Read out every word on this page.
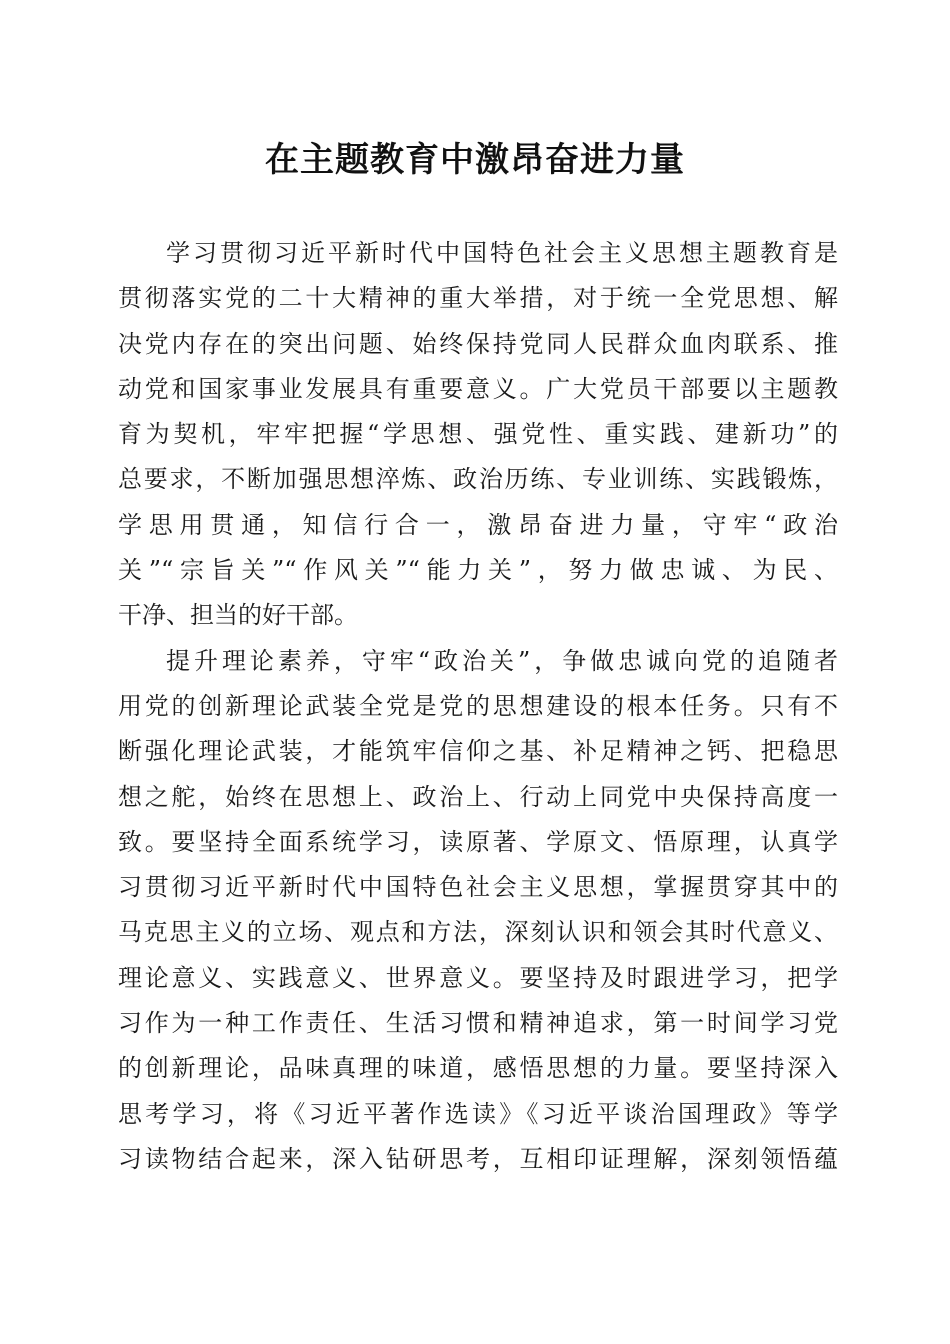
在主题教育中激昂奋进力量
学习贯彻习近平新时代中国特色社会主义思想主题教育是
贯彻落实党的二十大精神的重大举措，对于统一全党思想、解
决党内存在的突出问题、始终保持党同人民群众血肉联系、推
动党和国家事业发展具有重要意义。广大党员干部要以主题教
育为契机，牢牢把握“学思想、强党性、重实践、建新功”的
总要求，不断加强思想淬炼、政治历练、专业训练、实践锻炼，
学思用贯通，知信行合一，激昂奋进力量，守牢“政治
关”“宗旨关”“作风关”“能力关”，努力做忠诚、为民、
干净、担当的好干部。
提升理论素养，守牢“政治关”，争做忠诚向党的追随者
用党的创新理论武装全党是党的思想建设的根本任务。只有不
断强化理论武装，才能筑牢信仰之基、补足精神之钙、把稳思
想之舵，始终在思想上、政治上、行动上同党中央保持高度一
致。要坚持全面系统学习，读原著、学原文、悟原理，认真学
习贯彻习近平新时代中国特色社会主义思想，掌握贯穿其中的
马克思主义的立场、观点和方法，深刻认识和领会其时代意义、
理论意义、实践意义、世界意义。要坚持及时跟进学习，把学
习作为一种工作责任、生活习惯和精神追求，第一时间学习党
的创新理论，品味真理的味道，感悟思想的力量。要坚持深入
思考学习，将《习近平著作选读》《习近平谈治国理政》等学
习读物结合起来，深入钻研思考，互相印证理解，深刻领悟蕴
